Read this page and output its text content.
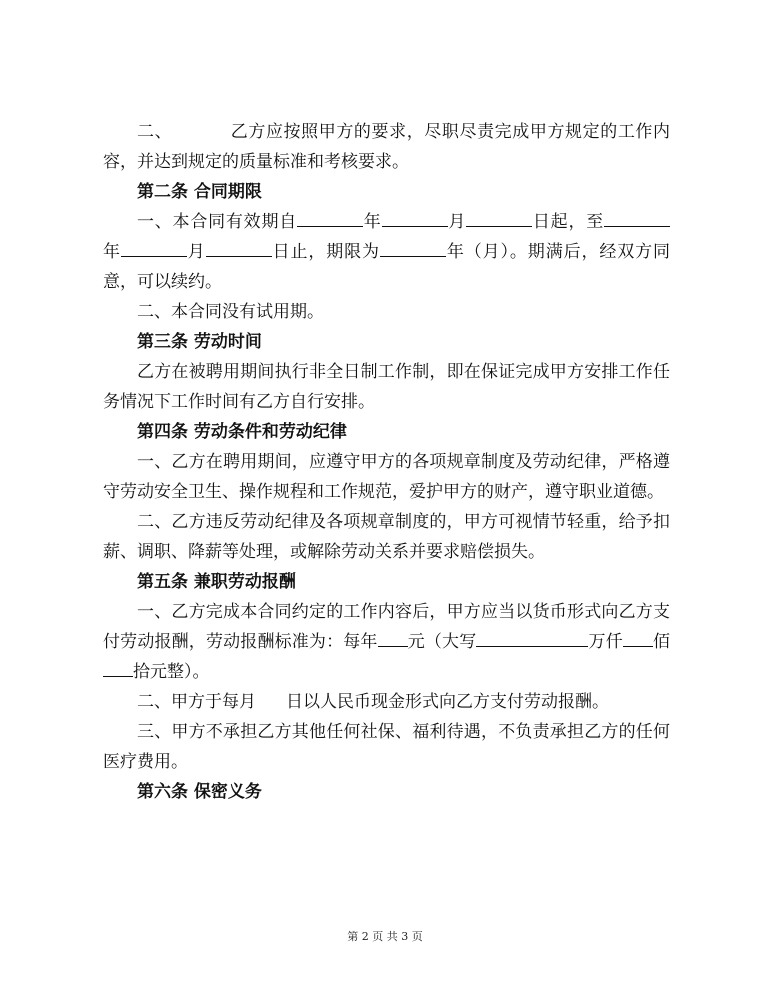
二、	乙方应按照甲方的要求，尽职尽责完成甲方规定的工作内容，并达到规定的质量标准和考核要求。

第二条 合同期限

一、本合同有效期自	年	月	日起，至年	月	日止，期限为	年（月）。期满后，经双方同意，可以续约。

二、本合同没有试用期。

第三条 劳动时间

乙方在被聘用期间执行非全日制工作制，即在保证完成甲方安排工作任务情况下工作时间有乙方自行安排。

第四条 劳动条件和劳动纪律

一、乙方在聘用期间，应遵守甲方的各项规章制度及劳动纪律，严格遵守劳动安全卫生、操作规程和工作规范，爱护甲方的财产，遵守职业道德。

二、乙方违反劳动纪律及各项规章制度的，甲方可视情节轻重，给予扣薪、调职、降薪等处理，或解除劳动关系并要求赔偿损失。

第五条 兼职劳动报酬

一、乙方完成本合同约定的工作内容后，甲方应当以货币形式向乙方支付劳动报酬，劳动报酬标准为：每年 元（大写	万仟 佰拾元整）。

二、甲方于每月 日以人民币现金形式向乙方支付劳动报酬。

三、甲方不承担乙方其他任何社保、福利待遇，不负责承担乙方的任何医疗费用。

第六条 保密义务

第 2 页 共 3 页
